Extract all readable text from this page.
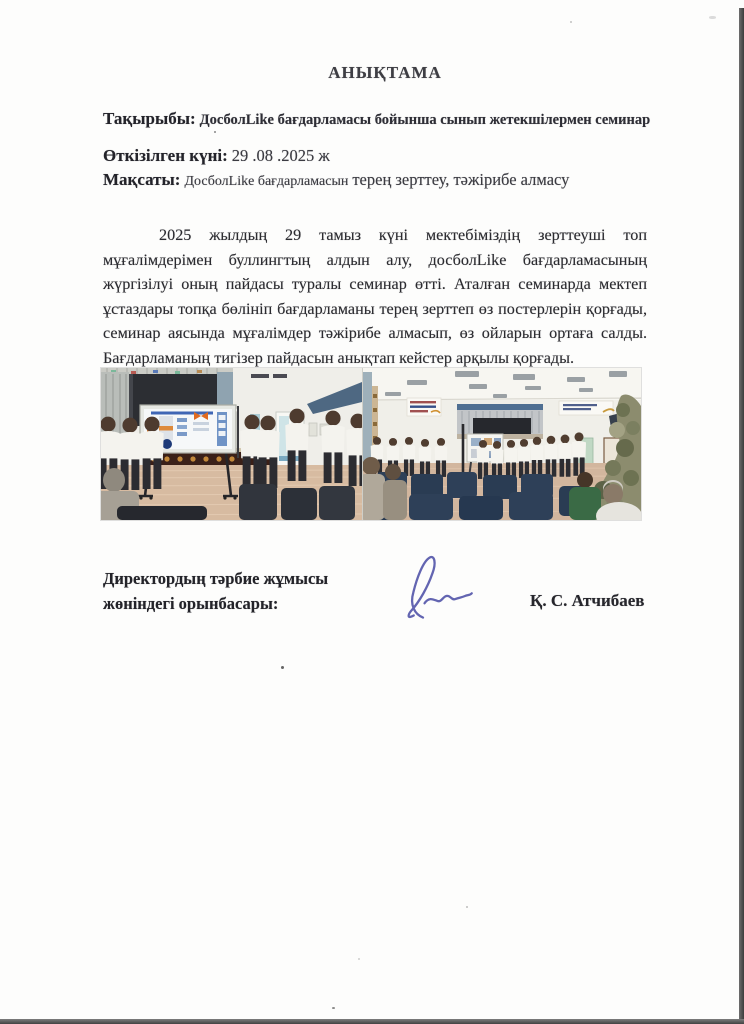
АНЫҚТАМА
Тақырыбы: ДосболLike бағдарламасы бойынша сынып жетекшілермен семинар
Өткізілген күні: 29 .08 .2025 ж
Мақсаты: ДосболLike бағдарламасын терең зерттеу, тәжірибе алмасу
2025 жылдың 29 тамыз күні мектебіміздің зерттеуші топ мұғалімдерімен буллингтың алдын алу, досболLike бағдарламасының жүргізілуі оның пайдасы туралы семинар өтті. Аталған семинарда мектеп ұстаздары топқа бөлініп бағдарламаны терең зерттеп өз постерлерін қорғады, семинар аясында мұғалімдер тәжірибе алмасып, өз ойларын ортаға салды. Бағдарламаның тигізер пайдасын анықтап кейстер арқылы қорғады.
Директордың тәрбие жұмысы
жөніндегі орынбасары:	Қ. С. Атчибаев
